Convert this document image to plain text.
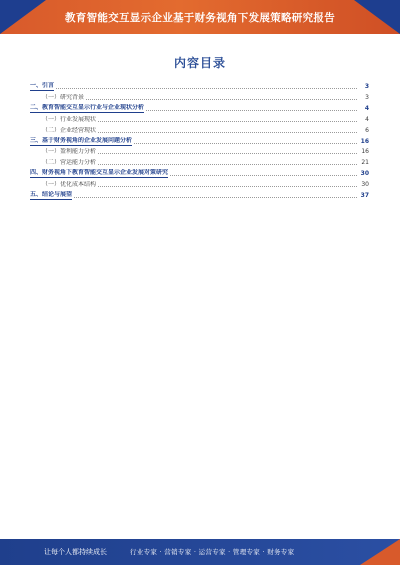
教育智能交互显示企业基于财务视角下发展策略研究报告
内容目录
一、引言	3
（一）研究背景	3
二、教育智能交互显示行业与企业现状分析	4
（一）行业发展现状	4
（二）企业经营现状	6
三、基于财务视角的企业发展问题分析	16
（一）盈利能力分析	16
（二）营运能力分析	21
四、财务视角下教育智能交互显示企业发展对策研究	30
（一）优化成本结构	30
五、结论与展望	37
让每个人都持续成长	行业专家 · 营销专家 · 运营专家 · 管理专家 · 财务专家
